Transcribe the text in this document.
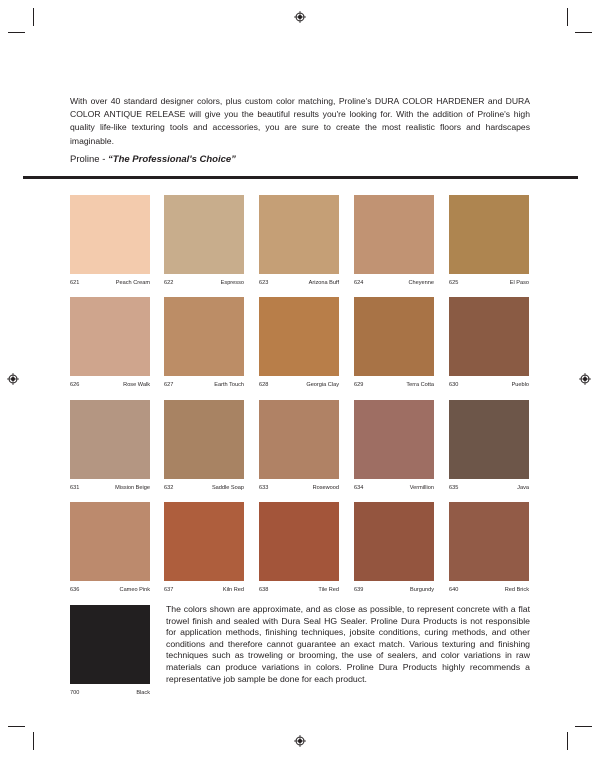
With over 40 standard designer colors, plus custom color matching, Proline's DURA COLOR HARDENER and DURA COLOR ANTIQUE RELEASE will give you the beautiful results you're looking for. With the addition of Proline's high quality life-like texturing tools and accessories, you are sure to create the most realistic floors and hardscapes imaginable.

Proline - “The Professional's Choice”

621	Peach Cream	622	Espresso	623	Arizona Buff	624	Cheyenne	625	El Paso
626	Rose Walk	627	Earth Touch	628	Georgia Clay	629	Terra Cotta	630	Pueblo
631	Mission Beige	632	Saddle Soap	633	Rosewood	634	Vermillion	635	Java
636	Cameo Pink	637	Kiln Red	638	Tile Red	639	Burgundy	640	Red Brick
700	Black

The colors shown are approximate, and as close as possible, to represent concrete with a flat trowel finish and sealed with Dura Seal HG Sealer. Proline Dura Products is not responsible for application methods, finishing techniques, jobsite conditions, curing methods, and other conditions and therefore cannot guarantee an exact match. Various texturing and finishing techniques such as troweling or brooming, the use of sealers, and color variations in raw materials can produce variations in colors. Proline Dura Products highly recommends a representative job sample be done for each product.
